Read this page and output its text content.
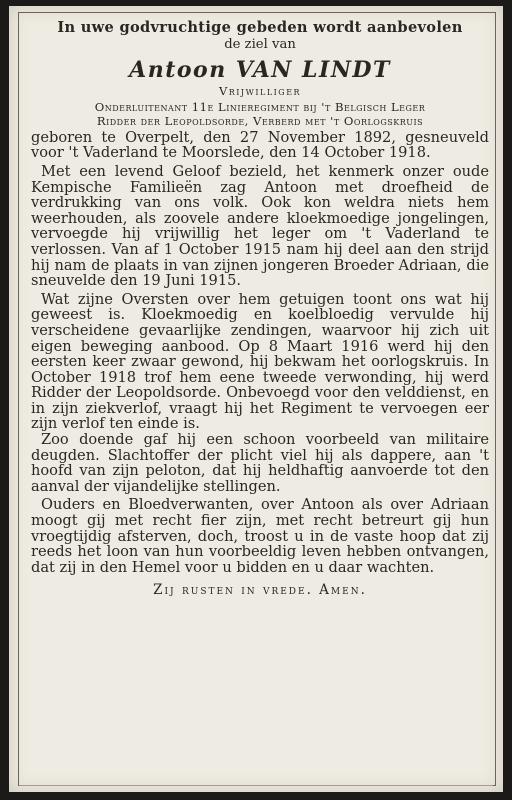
In uwe godvruchtige gebeden wordt aanbevolen
de ziel van
Antoon VAN LINDT
Vrijwilliger
Onderluitenant 11e Linieregiment bij 't Belgisch Leger
Ridder der Leopoldsorde, Verberd met 't Oorlogskruis

geboren te Overpelt, den 27 November 1892, gesneuveld voor 't Vaderland te Moorslede, den 14 October 1918.

Met een levend Geloof bezield, het kenmerk onzer oude Kempische Familieën zag Antoon met droefheid de verdrukking van ons volk. Ook kon weldra niets hem weerhouden, als zoovele andere kloekmoedige jongelingen, vervoegde hij vrijwillig het leger om 't Vaderland te verlossen. Van af 1 October 1915 nam hij deel aan den strijd hij nam de plaats in van zijnen jongeren Broeder Adriaan, die sneuvelde den 19 Juni 1915.

Wat zijne Oversten over hem getuigen toont ons wat hij geweest is. Kloekmoedig en koelbloedig vervulde hij verscheidene gevaarlijke zendingen, waarvoor hij zich uit eigen beweging aanbood. Op 8 Maart 1916 werd hij den eersten keer zwaar gewond, hij bekwam het oorlogskruis. In October 1918 trof hem eene tweede verwonding, hij werd Ridder der Leopoldsorde. Onbevoegd voor den velddienst, en in zijn ziekverlof, vraagt hij het Regiment te vervoegen eer zijn verlof ten einde is.

Zoo doende gaf hij een schoon voorbeeld van militaire deugden. Slachtoffer der plicht viel hij als dappere, aan 't hoofd van zijn peloton, dat hij heldhaftig aanvoerde tot den aanval der vijandelijke stellingen.

Ouders en Bloedverwanten, over Antoon als over Adriaan moogt gij met recht fier zijn, met recht betreurt gij hun vroegtijdig afsterven, doch, troost u in de vaste hoop dat zij reeds het loon van hun voorbeeldig leven hebben ontvangen, dat zij in den Hemel voor u bidden en u daar wachten.

Zij rusten in vrede. Amen.
